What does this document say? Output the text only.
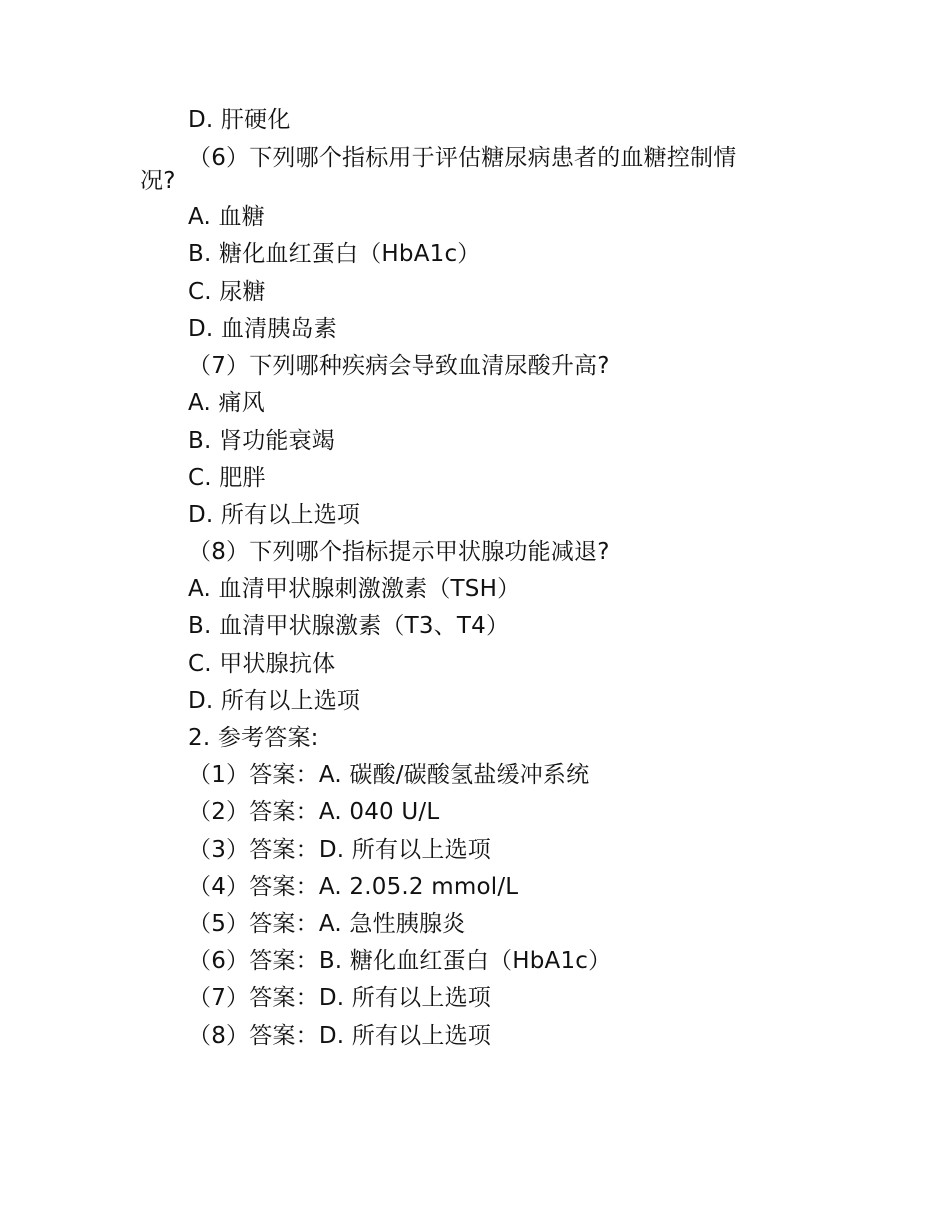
D. 肝硬化
（6）下列哪个指标用于评估糖尿病患者的血糖控制情
况?
A. 血糖
B. 糖化血红蛋白（HbA1c）
C. 尿糖
D. 血清胰岛素
（7）下列哪种疾病会导致血清尿酸升高?
A. 痛风
B. 肾功能衰竭
C. 肥胖
D. 所有以上选项
（8）下列哪个指标提示甲状腺功能减退?
A. 血清甲状腺刺激激素（TSH）
B. 血清甲状腺激素（T3、T4）
C. 甲状腺抗体
D. 所有以上选项
2. 参考答案:
（1）答案：A. 碳酸/碳酸氢盐缓冲系统
（2）答案：A. 040 U/L
（3）答案：D. 所有以上选项
（4）答案：A. 2.05.2 mmol/L
（5）答案：A. 急性胰腺炎
（6）答案：B. 糖化血红蛋白（HbA1c）
（7）答案：D. 所有以上选项
（8）答案：D. 所有以上选项
